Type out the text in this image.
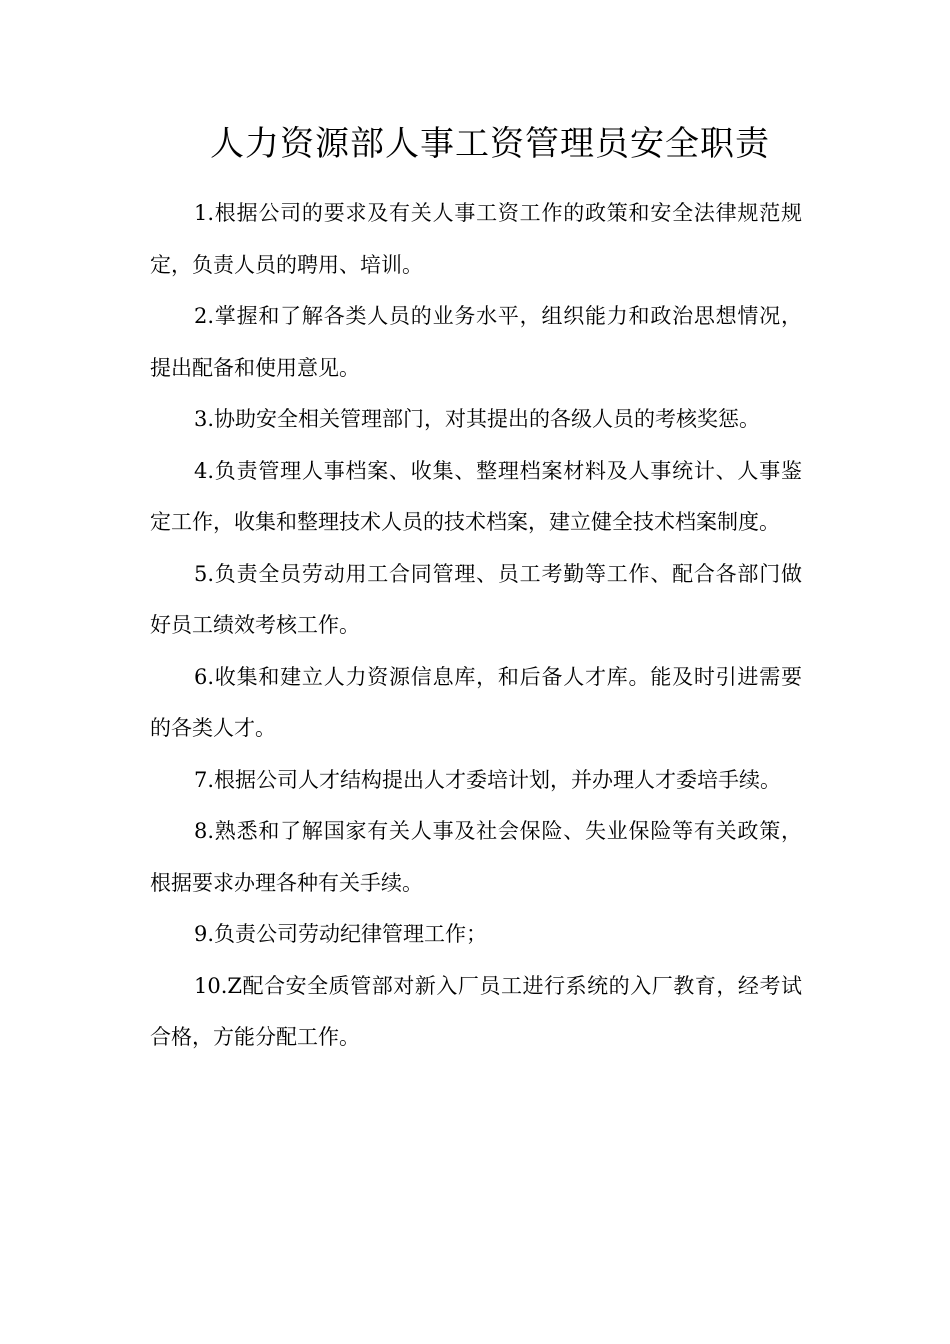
人力资源部人事工资管理员安全职责

1.根据公司的要求及有关人事工资工作的政策和安全法律规范规定，负责人员的聘用、培训。

2.掌握和了解各类人员的业务水平，组织能力和政治思想情况，提出配备和使用意见。

3.协助安全相关管理部门，对其提出的各级人员的考核奖惩。

4.负责管理人事档案、收集、整理档案材料及人事统计、人事鉴定工作，收集和整理技术人员的技术档案，建立健全技术档案制度。

5.负责全员劳动用工合同管理、员工考勤等工作、配合各部门做好员工绩效考核工作。

6.收集和建立人力资源信息库，和后备人才库。能及时引进需要的各类人才。

7.根据公司人才结构提出人才委培计划，并办理人才委培手续。

8.熟悉和了解国家有关人事及社会保险、失业保险等有关政策，根据要求办理各种有关手续。

9.负责公司劳动纪律管理工作；

10.Z配合安全质管部对新入厂员工进行系统的入厂教育，经考试合格，方能分配工作。
